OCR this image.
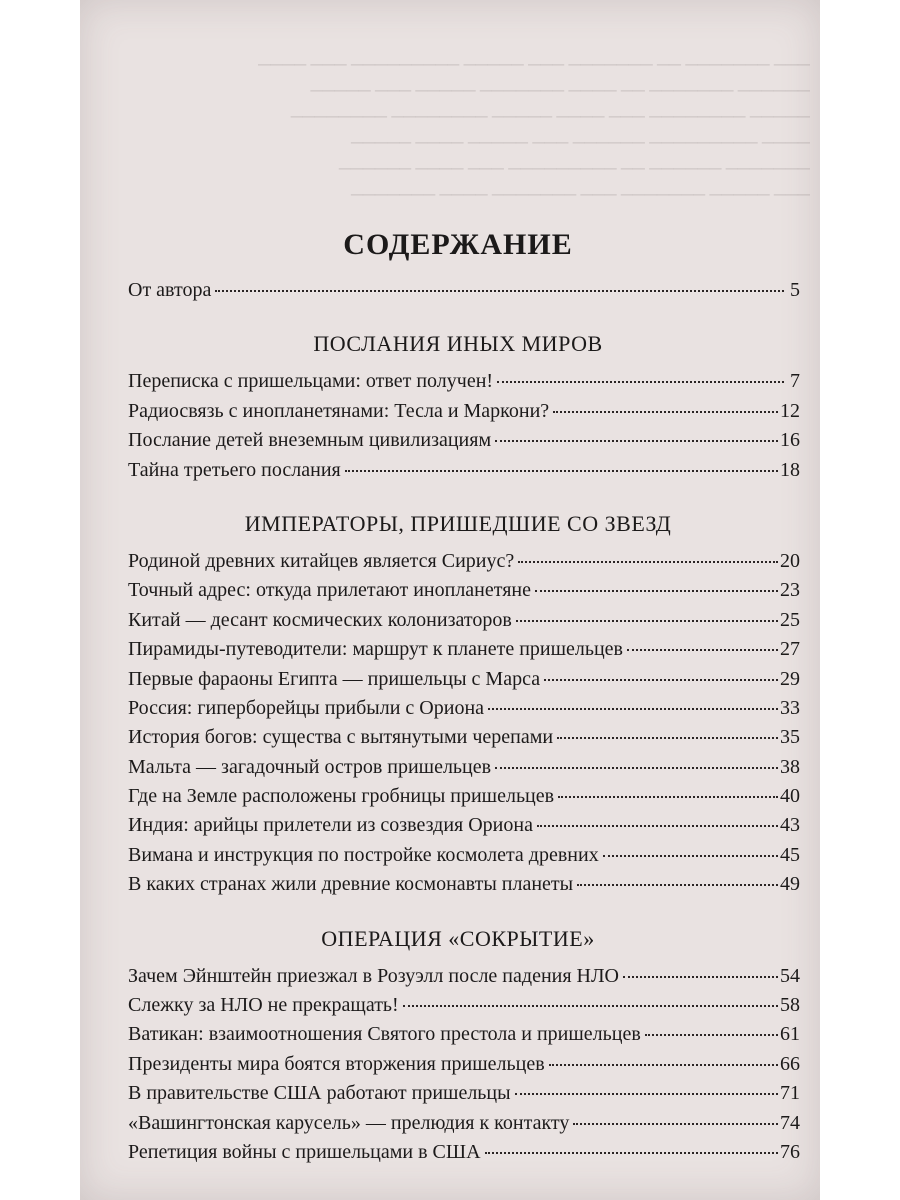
─── ─────── ── ─────── ─── ───── ───────── ─── ────
────── ─────── ── ──── ─────── ───── ─── ─────
───── ──────── ─── ──── ───── ──────── ────────
──── ───────── ────── ─── ───── ──── ─────
─────── ────── ── ───────── ─── ──── ──────
─── ───── ─────── ─── ─────── ──── ───────
СОДЕРЖАНИЕ
От автора	5
ПОСЛАНИЯ ИНЫХ МИРОВ
Переписка с пришельцами: ответ получен!	7
Радиосвязь с инопланетянами: Тесла и Маркони?	12
Послание детей внеземным цивилизациям	16
Тайна третьего послания	18
ИМПЕРАТОРЫ, ПРИШЕДШИЕ СО ЗВЕЗД
Родиной древних китайцев является Сириус?	20
Точный адрес: откуда прилетают инопланетяне	23
Китай — десант космических колонизаторов	25
Пирамиды-путеводители: маршрут к планете пришельцев	27
Первые фараоны Египта — пришельцы с Марса	29
Россия: гиперборейцы прибыли с Ориона	33
История богов: существа с вытянутыми черепами	35
Мальта — загадочный остров пришельцев	38
Где на Земле расположены гробницы пришельцев	40
Индия: арийцы прилетели из созвездия Ориона	43
Вимана и инструкция по постройке космолета древних	45
В каких странах жили древние космонавты планеты	49
ОПЕРАЦИЯ «СОКРЫТИЕ»
Зачем Эйнштейн приезжал в Розуэлл после падения НЛО	54
Слежку за НЛО не прекращать!	58
Ватикан: взаимоотношения Святого престола и пришельцев	61
Президенты мира боятся вторжения пришельцев	66
В правительстве США работают пришельцы	71
«Вашингтонская карусель» — прелюдия к контакту	74
Репетиция войны с пришельцами в США	76
